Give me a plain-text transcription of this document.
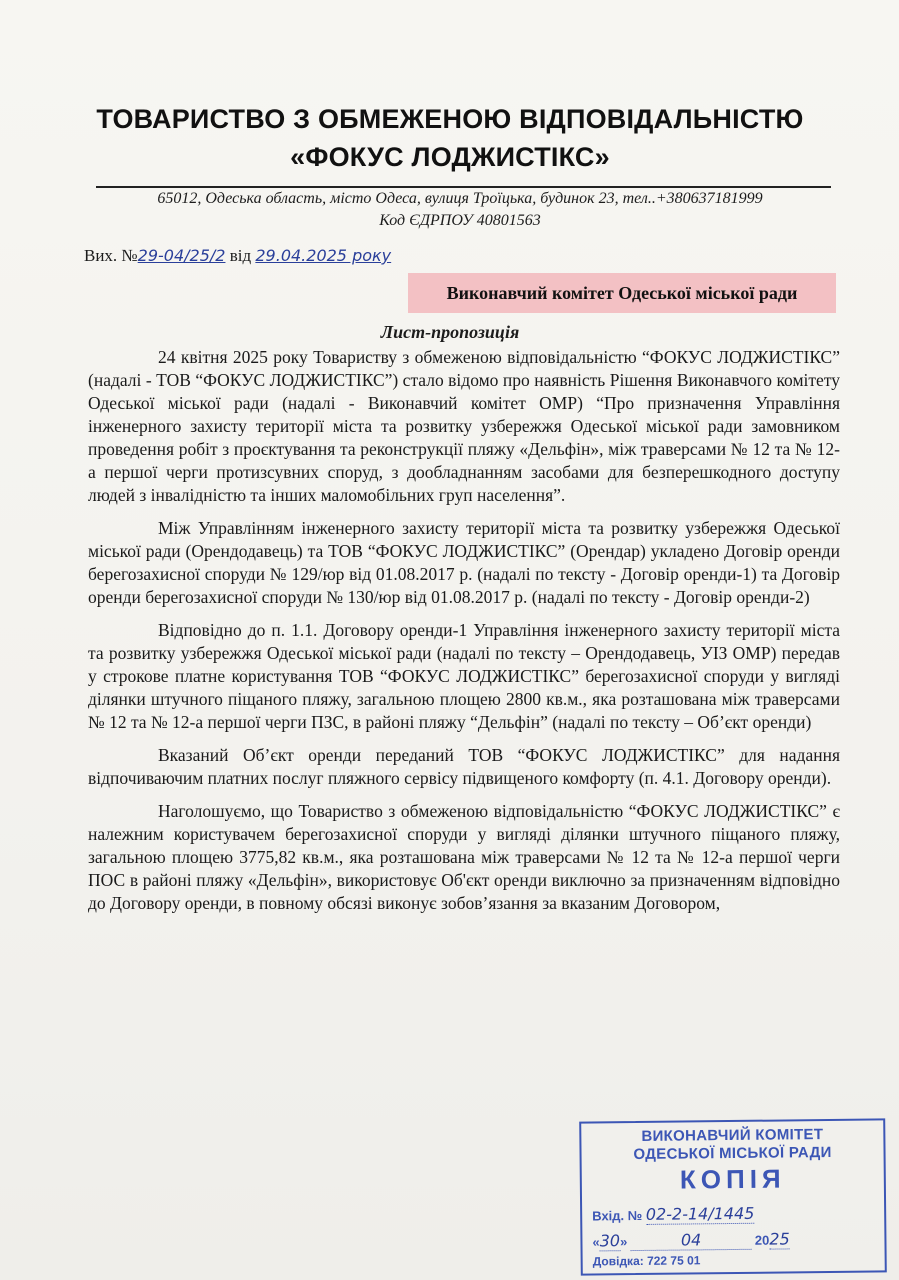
ТОВАРИСТВО З ОБМЕЖЕНОЮ ВІДПОВІДАЛЬНІСТЮ
«ФОКУС ЛОДЖИСТІКС»
65012, Одеська область, місто Одеса, вулиця Троїцька, будинок 23, тел..+380637181999
Код ЄДРПОУ 40801563
Вих. №29-04/25/2 від 29.04.2025 року
Виконавчий комітет Одеської міської ради
Лист-пропозиція

24 квітня 2025 року Товариству з обмеженою відповідальністю “ФОКУС ЛОДЖИСТІКС” (надалі - ТОВ “ФОКУС ЛОДЖИСТІКС”) стало відомо про наявність Рішення Виконавчого комітету Одеської міської ради (надалі - Виконавчий комітет ОМР) “Про призначення Управління інженерного захисту території міста та розвитку узбережжя Одеської міської ради замовником проведення робіт з проєктування та реконструкції пляжу «Дельфін», між траверсами № 12 та № 12-а першої черги протизсувних споруд, з дообладнанням засобами для безперешкодного доступу людей з інвалідністю та інших маломобільних груп населення”.

Між Управлінням інженерного захисту території міста та розвитку узбережжя Одеської міської ради (Орендодавець) та ТОВ “ФОКУС ЛОДЖИСТІКС” (Орендар) укладено Договір оренди берегозахисної споруди № 129/юр від 01.08.2017 р. (надалі по тексту - Договір оренди-1) та Договір оренди берегозахисної споруди № 130/юр від 01.08.2017 р. (надалі по тексту - Договір оренди-2)

Відповідно до п. 1.1. Договору оренди-1 Управління інженерного захисту території міста та розвитку узбережжя Одеської міської ради (надалі по тексту – Орендодавець, УІЗ ОМР) передав у строкове платне користування ТОВ “ФОКУС ЛОДЖИСТІКС” берегозахисної споруди у вигляді ділянки штучного піщаного пляжу, загальною площею 2800 кв.м., яка розташована між траверсами № 12 та № 12-а першої черги ПЗС, в районі пляжу “Дельфін” (надалі по тексту – Об’єкт оренди)

Вказаний Об’єкт оренди переданий ТОВ “ФОКУС ЛОДЖИСТІКС” для надання відпочиваючим платних послуг пляжного сервісу підвищеного комфорту (п. 4.1. Договору оренди).

Наголошуємо, що Товариство з обмеженою відповідальністю “ФОКУС ЛОДЖИСТІКС” є належним користувачем берегозахисної споруди у вигляді ділянки штучного піщаного пляжу, загальною площею 3775,82 кв.м., яка розташована між траверсами № 12 та № 12-а першої черги ПОС в районі пляжу «Дельфін», використовує Об'єкт оренди виключно за призначенням відповідно до Договору оренди, в повному обсязі виконує зобов’язання за вказаним Договором,

ВИКОНАВЧИЙ КОМІТЕТ
ОДЕСЬКОЇ МІСЬКОЇ РАДИ
КОПІЯ
Вхід. № 02-2-14/1445
«30»	04	2025
Довідка: 722 75 01
